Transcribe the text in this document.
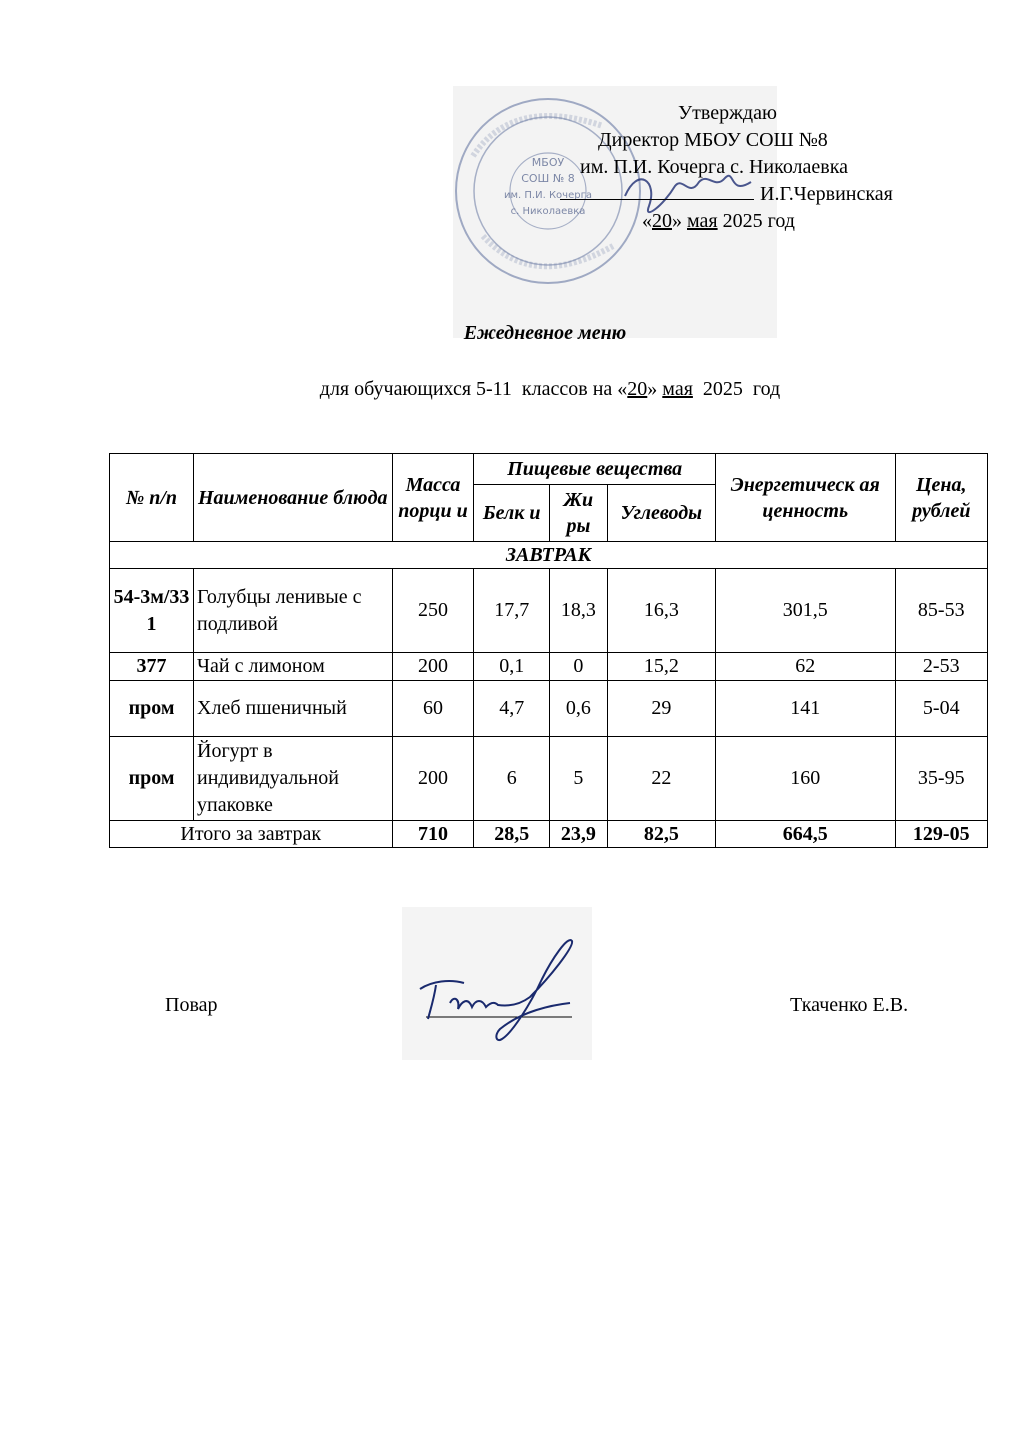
МБОУ
СОШ № 8
им. П.И. Кочерга
с. Николаевка
Утверждаю
Директор МБОУ СОШ №8
им. П.И. Кочерга с. Николаевка
И.Г.Червинская
«20» мая 2025 год
Ежедневное меню
для обучающихся 5-11  классов на «20» мая  2025  год
№ п/п	Наименование блюда	Масса порци и	Пищевые вещества			Энергетическ ая ценность	Цена, рублей
			Белк и	Жи ры	Углеводы		
ЗАВТРАК							
54-3м/331	Голубцы ленивые с подливой	250	17,7	18,3	16,3	301,5	85-53
377	Чай с лимоном	200	0,1	0	15,2	62	2-53
пром	Хлеб пшеничный	60	4,7	0,6	29	141	5-04
пром	Йогурт в индивидуальной упаковке	200	6	5	22	160	35-95
Итого за завтрак		710	28,5	23,9	82,5	664,5	129-05
Повар	Ткаченко Е.В.
